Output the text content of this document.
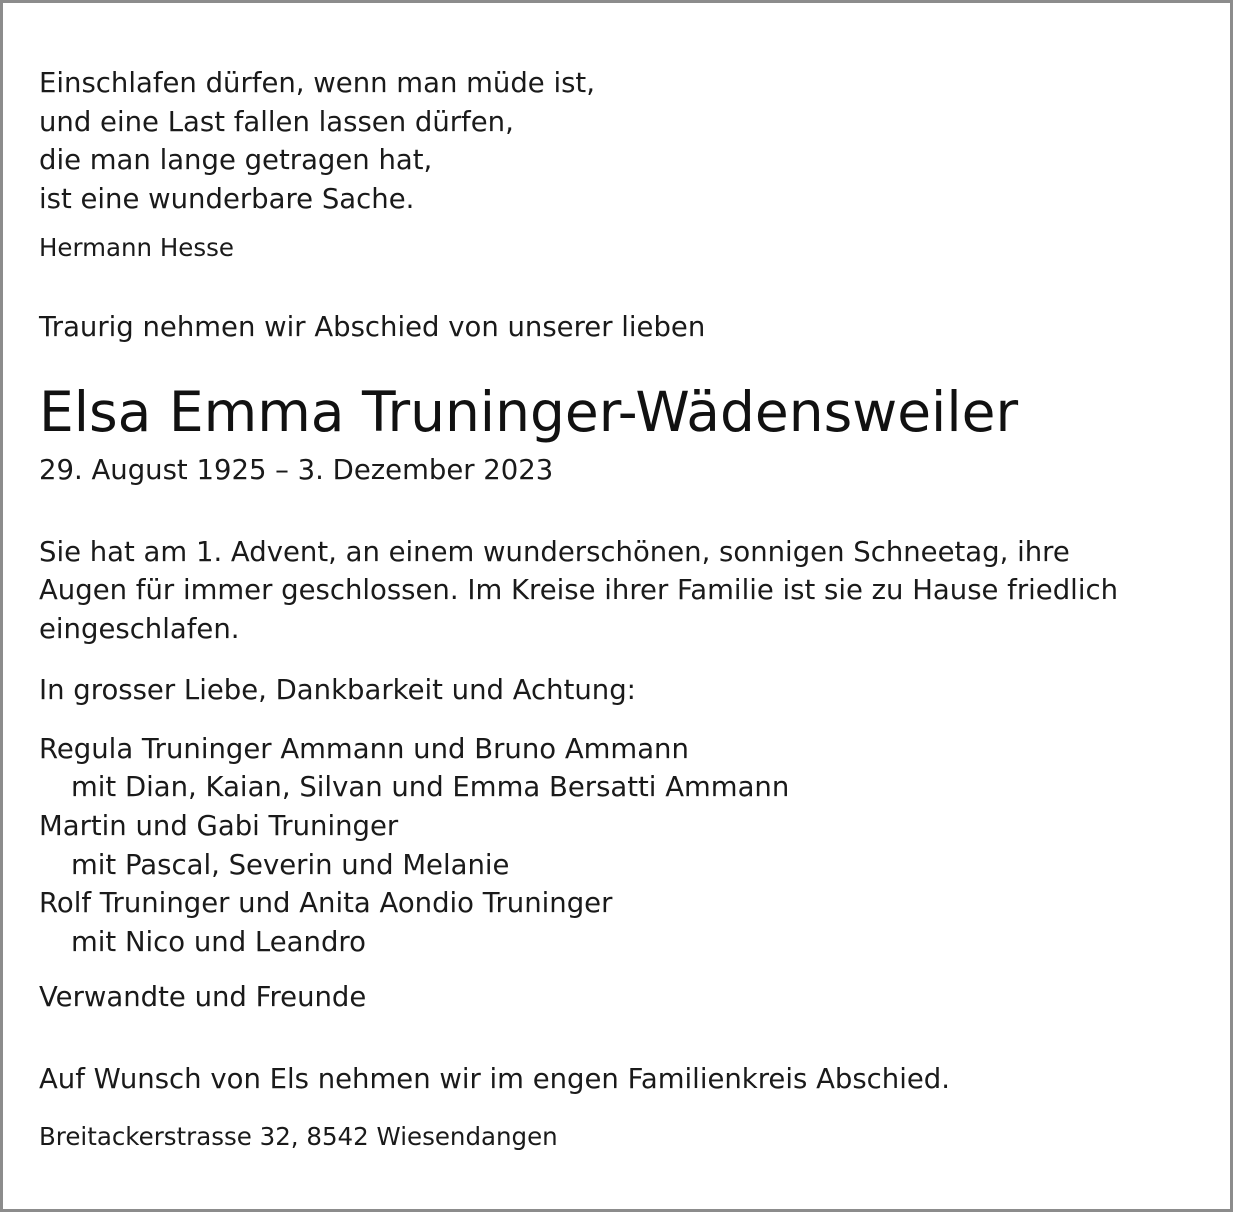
Einschlafen dürfen, wenn man müde ist,
und eine Last fallen lassen dürfen,
die man lange getragen hat,
ist eine wunderbare Sache.
Hermann Hesse
Traurig nehmen wir Abschied von unserer lieben
Elsa Emma Truninger-Wädensweiler
29. August 1925 – 3. Dezember 2023
Sie hat am 1. Advent, an einem wunderschönen, sonnigen Schneetag, ihre
Augen für immer geschlossen. Im Kreise ihrer Familie ist sie zu Hause friedlich
eingeschlafen.
In grosser Liebe, Dankbarkeit und Achtung:
Regula Truninger Ammann und Bruno Ammann
mit Dian, Kaian, Silvan und Emma Bersatti Ammann
Martin und Gabi Truninger
mit Pascal, Severin und Melanie
Rolf Truninger und Anita Aondio Truninger
mit Nico und Leandro
Verwandte und Freunde
Auf Wunsch von Els nehmen wir im engen Familienkreis Abschied.
Breitackerstrasse 32, 8542 Wiesendangen
